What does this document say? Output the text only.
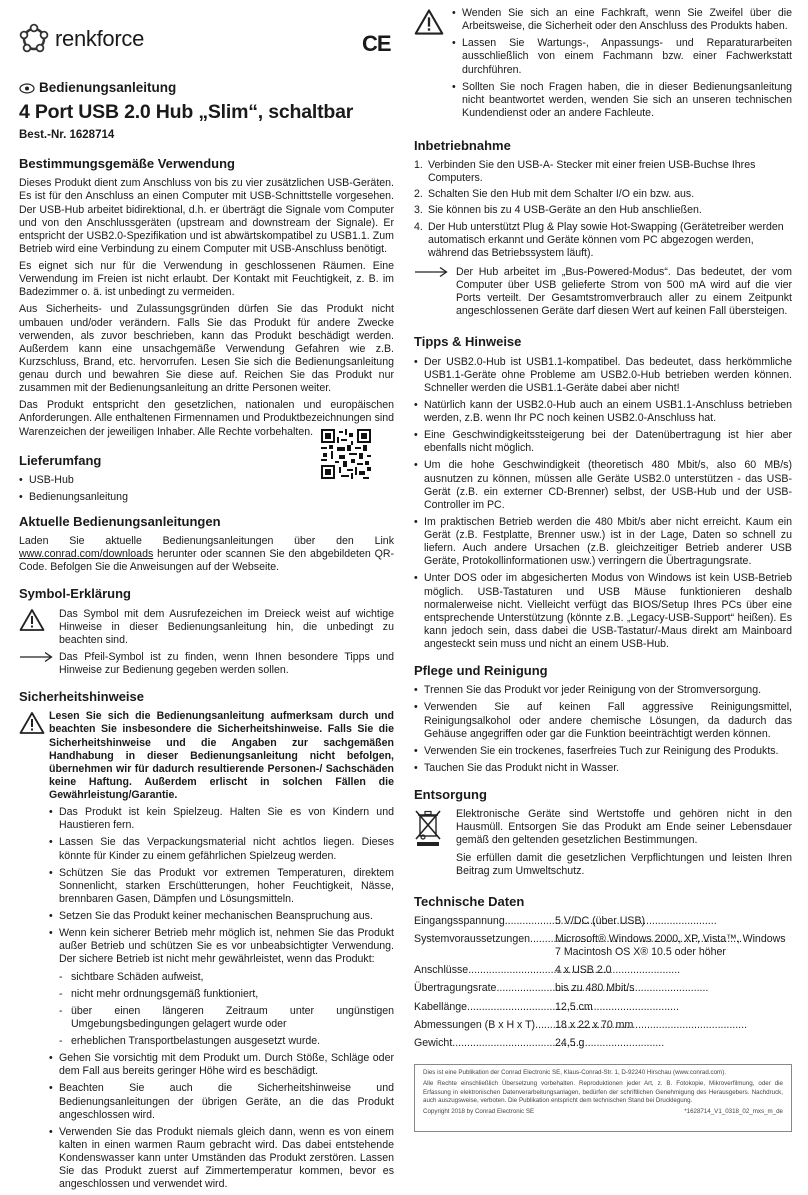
renkforce	CE
Bedienungsanleitung
4 Port USB 2.0 Hub „Slim“, schaltbar
Best.-Nr. 1628714
Bestimmungsgemäße Verwendung

Dieses Produkt dient zum Anschluss von bis zu vier zusätzlichen USB-Geräten. Es ist für den Anschluss an einen Computer mit USB-Schnittstelle vorgesehen. Der USB-Hub arbeitet bidirektional, d.h. er überträgt die Signale vom Computer und von den Anschlussgeräten (upstream and downstream der Signale). Er entspricht der USB2.0-Spezifikation und ist abwärtskompatibel zu USB1.1. Zum Betrieb wird eine Verbindung zu einem Computer mit USB-Anschluss benötigt.

Es eignet sich nur für die Verwendung in geschlossenen Räumen. Eine Verwendung im Freien ist nicht erlaubt. Der Kontakt mit Feuchtigkeit, z. B. im Badezimmer o. ä. ist unbedingt zu vermeiden.

Aus Sicherheits- und Zulassungsgründen dürfen Sie das Produkt nicht umbauen und/oder verändern. Falls Sie das Produkt für andere Zwecke verwenden, als zuvor beschrieben, kann das Produkt beschädigt werden. Außerdem kann eine unsachgemäße Verwendung Gefahren wie z.B. Kurzschluss, Brand, etc. hervorrufen. Lesen Sie sich die Bedienungsanleitung genau durch und bewahren Sie diese auf. Reichen Sie das Produkt nur zusammen mit der Bedienungsanleitung an dritte Personen weiter.

Das Produkt entspricht den gesetzlichen, nationalen und europäischen Anforderungen. Alle enthaltenen Firmennamen und Produktbezeichnungen sind Warenzeichen der jeweiligen Inhaber. Alle Rechte vorbehalten.

Lieferumfang
• USB-Hub
• Bedienungsanleitung
Aktuelle Bedienungsanleitungen

Laden Sie aktuelle Bedienungsanleitungen über den Link www.conrad.com/downloads herunter oder scannen Sie den abgebildeten QR-Code. Befolgen Sie die Anweisungen auf der Webseite.

Symbol-Erklärung
Das Symbol mit dem Ausrufezeichen im Dreieck weist auf wichtige Hinweise in dieser Bedienungsanleitung hin, die unbedingt zu beachten sind.
Das Pfeil-Symbol ist zu finden, wenn Ihnen besondere Tipps und Hinweise zur Bedienung gegeben werden sollen.
Sicherheitshinweise

Lesen Sie sich die Bedienungsanleitung aufmerksam durch und beachten Sie insbesondere die Sicherheitshinweise. Falls Sie die Sicherheitshinweise und die Angaben zur sachgemäßen Handhabung in dieser Bedienungsanleitung nicht befolgen, übernehmen wir für dadurch resultierende Personen-/ Sachschäden keine Haftung. Außerdem erlischt in solchen Fällen die Gewährleistung/Garantie.

• Das Produkt ist kein Spielzeug. Halten Sie es von Kindern und Haustieren fern.
• Lassen Sie das Verpackungsmaterial nicht achtlos liegen. Dieses könnte für Kinder zu einem gefährlichen Spielzeug werden.
• Schützen Sie das Produkt vor extremen Temperaturen, direktem Sonnenlicht, starken Erschütterungen, hoher Feuchtigkeit, Nässe, brennbaren Gasen, Dämpfen und Lösungsmitteln.
• Setzen Sie das Produkt keiner mechanischen Beanspruchung aus.
• Wenn kein sicherer Betrieb mehr möglich ist, nehmen Sie das Produkt außer Betrieb und schützen Sie es vor unbeabsichtigter Verwendung. Der sichere Betrieb ist nicht mehr gewährleistet, wenn das Produkt:
- sichtbare Schäden aufweist,
- nicht mehr ordnungsgemäß funktioniert,
- über einen längeren Zeitraum unter ungünstigen Umgebungsbedingungen gelagert wurde oder
- erheblichen Transportbelastungen ausgesetzt wurde.
• Gehen Sie vorsichtig mit dem Produkt um. Durch Stöße, Schläge oder dem Fall aus bereits geringer Höhe wird es beschädigt.
• Beachten Sie auch die Sicherheitshinweise und Bedienungsanleitungen der übrigen Geräte, an die das Produkt angeschlossen wird.
• Verwenden Sie das Produkt niemals gleich dann, wenn es von einem kalten in einen warmen Raum gebracht wird. Das dabei entstehende Kondenswasser kann unter Umständen das Produkt zerstören. Lassen Sie das Produkt zuerst auf Zimmertemperatur kommen, bevor es angeschlossen und verwendet wird.
• Wenden Sie sich an eine Fachkraft, wenn Sie Zweifel über die Arbeitsweise, die Sicherheit oder den Anschluss des Produkts haben.
• Lassen Sie Wartungs-, Anpassungs- und Reparaturarbeiten ausschließlich von einem Fachmann bzw. einer Fachwerkstatt durchführen.
• Sollten Sie noch Fragen haben, die in dieser Bedienungsanleitung nicht beantwortet werden, wenden Sie sich an unseren technischen Kundendienst oder an andere Fachleute.
Inbetriebnahme
1. Verbinden Sie den USB-A- Stecker mit einer freien USB-Buchse Ihres Computers.
2. Schalten Sie den Hub mit dem Schalter I/O ein bzw. aus.
3. Sie können bis zu 4 USB-Geräte an den Hub anschließen.
4. Der Hub unterstützt Plug & Play sowie Hot-Swapping (Gerätetreiber werden automatisch erkannt und Geräte können vom PC abgezogen werden, während das Betriebssystem läuft).

Der Hub arbeitet im „Bus-Powered-Modus“. Das bedeutet, der vom Computer über USB gelieferte Strom von 500 mA wird auf die vier Ports verteilt. Der Gesamtstromverbrauch aller zu einem Zeitpunkt angeschlossenen Geräte darf diesen Wert auf keinen Fall übersteigen.

Tipps & Hinweise
• Der USB2.0-Hub ist USB1.1-kompatibel. Das bedeutet, dass herkömmliche USB1.1-Geräte ohne Probleme am USB2.0-Hub betrieben werden können. Schneller werden die USB1.1-Geräte dabei aber nicht!
• Natürlich kann der USB2.0-Hub auch an einem USB1.1-Anschluss betrieben werden, z.B. wenn Ihr PC noch keinen USB2.0-Anschluss hat.
• Eine Geschwindigkeitssteigerung bei der Datenübertragung ist hier aber ebenfalls nicht möglich.
• Um die hohe Geschwindigkeit (theoretisch 480 Mbit/s, also 60 MB/s) ausnutzen zu können, müssen alle Geräte USB2.0 unterstützen - das USB-Gerät (z.B. ein externer CD-Brenner) selbst, der USB-Hub und der USB-Controller im PC.
• Im praktischen Betrieb werden die 480 Mbit/s aber nicht erreicht. Kaum ein Gerät (z.B. Festplatte, Brenner usw.) ist in der Lage, Daten so schnell zu liefern. Auch andere Ursachen (z.B. gleichzeitiger Betrieb anderer USB Geräte, Protokollinformationen usw.) verringern die Übertragungsrate.
• Unter DOS oder im abgesicherten Modus von Windows ist kein USB-Betrieb möglich. USB-Tastaturen und USB Mäuse funktionieren deshalb normalerweise nicht. Vielleicht verfügt das BIOS/Setup Ihres PCs über eine entsprechende Unterstützung (könnte z.B. „Legacy-USB-Support“ heißen). Es kann jedoch sein, dass dabei die USB-Tastatur/-Maus direkt am Mainboard angesteckt sein muss und nicht an einem USB-Hub.
Pflege und Reinigung
• Trennen Sie das Produkt vor jeder Reinigung von der Stromversorgung.
• Verwenden Sie auf keinen Fall aggressive Reinigungsmittel, Reinigungsalkohol oder andere chemische Lösungen, da dadurch das Gehäuse angegriffen oder gar die Funktion beeinträchtigt werden können.
• Verwenden Sie ein trockenes, faserfreies Tuch zur Reinigung des Produkts.
• Tauchen Sie das Produkt nicht in Wasser.
Entsorgung

Elektronische Geräte sind Wertstoffe und gehören nicht in den Hausmüll. Entsorgen Sie das Produkt am Ende seiner Lebensdauer gemäß den geltenden gesetzlichen Bestimmungen.

Sie erfüllen damit die gesetzlichen Verpflichtungen und leisten Ihren Beitrag zum Umweltschutz.

Technische Daten
Eingangsspannung .....	5 V/DC (über USB)
Systemvoraussetzungen .....	Microsoft® Windows 2000, XP, Vista™, Windows 7 Macintosh OS X® 10.5 oder höher
Anschlüsse .....	4 x USB 2.0
Übertragungsrate .....	bis zu 480 Mbit/s
Kabellänge .....	12,5 cm
Abmessungen (B x H x T) .....	18 x 22 x 70 mm
Gewicht .....	24,5 g

Dies ist eine Publikation der Conrad Electronic SE, Klaus-Conrad-Str. 1, D-92240 Hirschau (www.conrad.com).

Alle Rechte einschließlich Übersetzung vorbehalten. Reproduktionen jeder Art, z. B. Fotokopie, Mikroverfilmung, oder die Erfassung in elektronischen Datenverarbeitungsanlagen, bedürfen der schriftlichen Genehmigung des Herausgebers. Nachdruck, auch auszugsweise, verboten. Die Publikation entspricht dem technischen Stand bei Drucklegung.

Copyright 2018 by Conrad Electronic SE	*1628714_V1_0318_02_mxs_m_de
